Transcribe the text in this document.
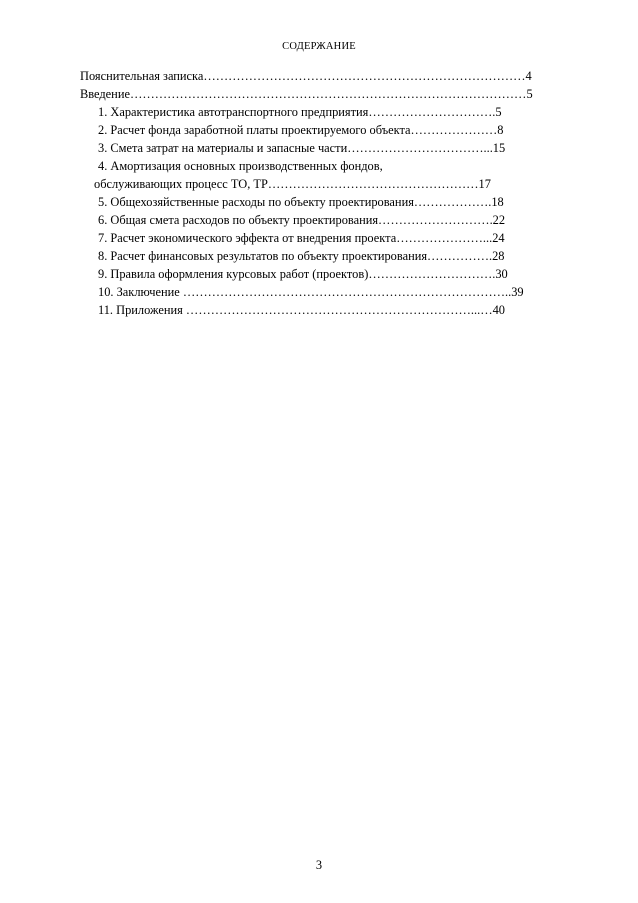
СОДЕРЖАНИЕ
Пояснительная записка……………………………………………………………………4
Введение……………………………………………………………………………………5
1. Характеристика автотранспортного предприятия………………………….5
2. Расчет фонда заработной платы проектируемого объекта…………………8
3. Смета затрат на материалы и запасные части……………………………...15
4. Амортизация основных производственных фондов,
обслуживающих процесс ТО, ТР……………………………………………17
5. Общехозяйственные расходы по объекту проектирования……………….18
6. Общая смета расходов по объекту проектирования……………………….22
7. Расчет экономического эффекта от внедрения проекта…………………...24
8. Расчет финансовых результатов по объекту проектирования…………….28
9. Правила оформления курсовых работ (проектов)………………………….30
10. Заключение ……………………………………………………………………..39
11. Приложения ……………………………………………………………...…40
3
